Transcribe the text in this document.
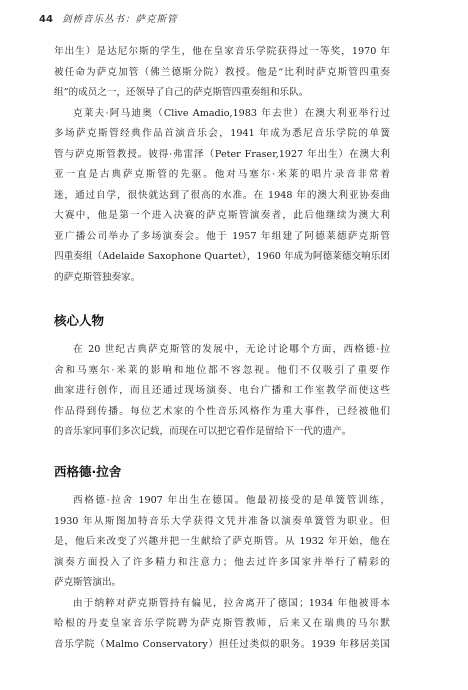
44 剑桥音乐丛书：萨克斯管
年出生）是达尼尔斯的学生，他在皇家音乐学院获得过一等奖，1970 年
被任命为萨克加管（佛兰德斯分院）教授。他是“比利时萨克斯管四重奏
组”的成员之一，还领导了自己的萨克斯管四重奏组和乐队。
克莱夫·阿马迪奥（Clive Amadio,1983 年去世）在澳大利亚举行过
多场萨克斯管经典作品首演音乐会，1941 年成为悉尼音乐学院的单簧
管与萨克斯管教授。彼得·弗雷泽（Peter Fraser,1927 年出生）在澳大利
亚一直是古典萨克斯管的先驱。他对马塞尔·米莱的唱片录音非常着
迷，通过自学，很快就达到了很高的水准。在 1948 年的澳大利亚协奏曲
大赛中，他是第一个进入决赛的萨克斯管演奏者，此后他继续为澳大利
亚广播公司举办了多场演奏会。他于 1957 年组建了阿德莱德萨克斯管
四重奏组（Adelaide Saxophone Quartet），1960 年成为阿德莱德交响乐团
的萨克斯管独奏家。
核心人物
在 20 世纪古典萨克斯管的发展中，无论讨论哪个方面，西格德·拉
舍和马塞尔·米莱的影响和地位都不容忽视。他们不仅吸引了重要作
曲家进行创作，而且还通过现场演奏、电台广播和工作室教学而使这些
作品得到传播。每位艺术家的个性音乐风格作为重大事件，已经被他们
的音乐家同事们多次记载，而现在可以把它看作是留给下一代的遗产。
西格德·拉舍
西格德·拉舍 1907 年出生在德国。他最初接受的是单簧管训练，
1930 年从斯图加特音乐大学获得文凭并准备以演奏单簧管为职业。但
是，他后来改变了兴趣并把一生献给了萨克斯管。从 1932 年开始，他在
演奏方面投入了许多精力和注意力；他去过许多国家并举行了精彩的
萨克斯管演出。
由于纳粹对萨克斯管持有偏见，拉舍离开了德国；1934 年他被哥本
哈根的丹麦皇家音乐学院聘为萨克斯管教师，后来又在瑞典的马尔默
音乐学院（Malmo Conservatory）担任过类似的职务。1939 年移居美国
